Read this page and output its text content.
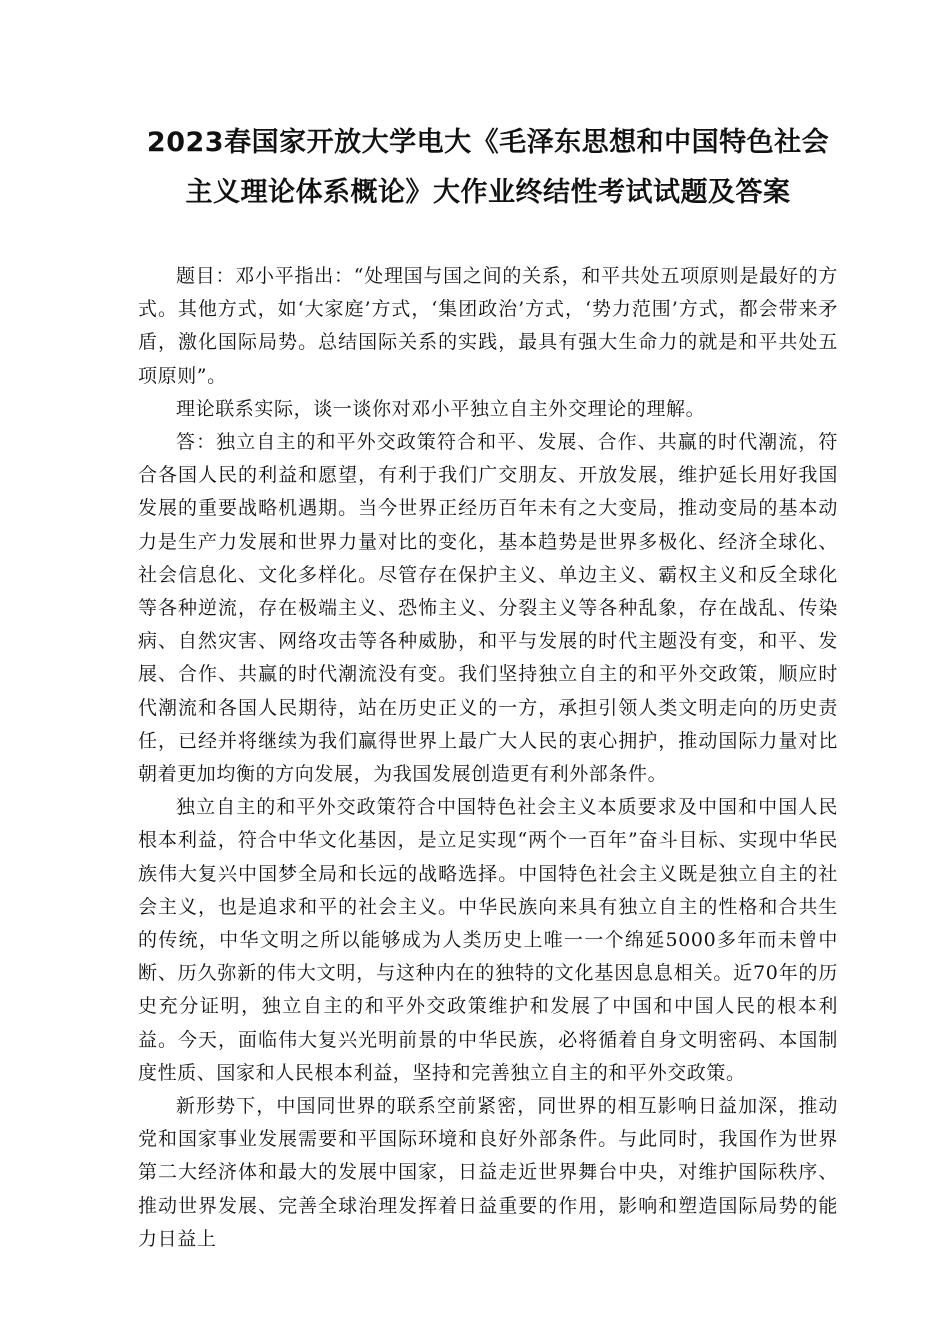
2023春国家开放大学电大《毛泽东思想和中国特色社会
主义理论体系概论》大作业终结性考试试题及答案

题目：邓小平指出：“处理国与国之间的关系，和平共处五项原则是最好的方式。其他方式，如‘大家庭’方式，‘集团政治’方式，‘势力范围’方式，都会带来矛盾，激化国际局势。总结国际关系的实践，最具有强大生命力的就是和平共处五项原则”。

理论联系实际，谈一谈你对邓小平独立自主外交理论的理解。

答：独立自主的和平外交政策符合和平、发展、合作、共赢的时代潮流，符合各国人民的利益和愿望，有利于我们广交朋友、开放发展，维护延长用好我国发展的重要战略机遇期。当今世界正经历百年未有之大变局，推动变局的基本动力是生产力发展和世界力量对比的变化，基本趋势是世界多极化、经济全球化、社会信息化、文化多样化。尽管存在保护主义、单边主义、霸权主义和反全球化等各种逆流，存在极端主义、恐怖主义、分裂主义等各种乱象，存在战乱、传染病、自然灾害、网络攻击等各种威胁，和平与发展的时代主题没有变，和平、发展、合作、共赢的时代潮流没有变。我们坚持独立自主的和平外交政策，顺应时代潮流和各国人民期待，站在历史正义的一方，承担引领人类文明走向的历史责任，已经并将继续为我们赢得世界上最广大人民的衷心拥护，推动国际力量对比朝着更加均衡的方向发展，为我国发展创造更有利外部条件。

独立自主的和平外交政策符合中国特色社会主义本质要求及中国和中国人民根本利益，符合中华文化基因，是立足实现“两个一百年”奋斗目标、实现中华民族伟大复兴中国梦全局和长远的战略选择。中国特色社会主义既是独立自主的社会主义，也是追求和平的社会主义。中华民族向来具有独立自主的性格和合共生的传统，中华文明之所以能够成为人类历史上唯一一个绵延5000多年而未曾中断、历久弥新的伟大文明，与这种内在的独特的文化基因息息相关。近70年的历史充分证明，独立自主的和平外交政策维护和发展了中国和中国人民的根本利益。今天，面临伟大复兴光明前景的中华民族，必将循着自身文明密码、本国制度性质、国家和人民根本利益，坚持和完善独立自主的和平外交政策。

新形势下，中国同世界的联系空前紧密，同世界的相互影响日益加深，推动党和国家事业发展需要和平国际环境和良好外部条件。与此同时，我国作为世界第二大经济体和最大的发展中国家，日益走近世界舞台中央，对维护国际秩序、推动世界发展、完善全球治理发挥着日益重要的作用，影响和塑造国际局势的能力日益上
